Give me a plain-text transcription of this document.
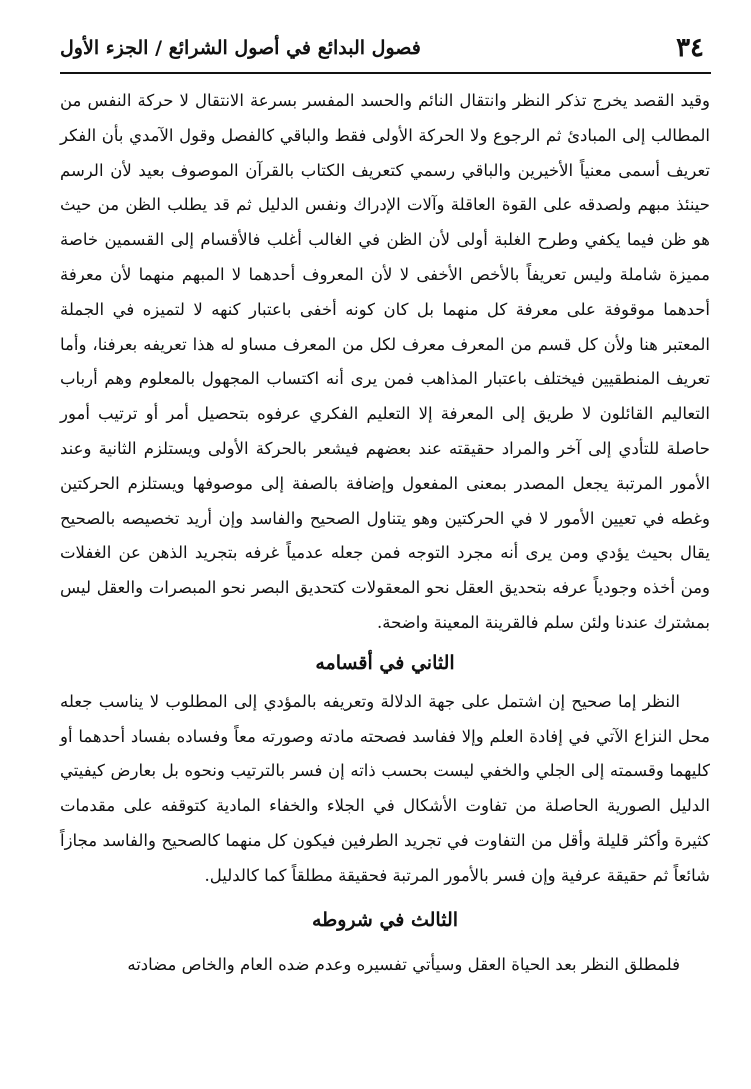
٣٤
فصول البدائع في أصول الشرائع / الجزء الأول

وقيد القصد يخرج تذكر النظر وانتقال النائم والحسد المفسر بسرعة الانتقال لا حركة النفس من المطالب إلى المبادئ ثم الرجوع ولا الحركة الأولى فقط والباقي كالفصل وقول الآمدي بأن الفكر تعريف أسمى معنياً الأخيرين والباقي رسمي كتعريف الكتاب بالقرآن الموصوف بعيد لأن الرسم حينئذ مبهم ولصدقه على القوة العاقلة وآلات الإدراك ونفس الدليل ثم قد يطلب الظن من حيث هو ظن فيما يكفي وطرح الغلبة أولى لأن الظن في الغالب أغلب فالأقسام إلى القسمين خاصة مميزة شاملة وليس تعريفاً بالأخص الأخفى لا لأن المعروف أحدهما لا المبهم منهما لأن معرفة أحدهما موقوفة على معرفة كل منهما بل كان كونه أخفى باعتبار كنهه لا لتميزه في الجملة المعتبر هنا ولأن كل قسم من المعرف معرف لكل من المعرف مساو له هذا تعريفه بعرفنا، وأما تعريف المنطقيين فيختلف باعتبار المذاهب فمن يرى أنه اكتساب المجهول بالمعلوم وهم أرباب التعاليم القائلون لا طريق إلى المعرفة إلا التعليم الفكري عرفوه بتحصيل أمر أو ترتيب أمور حاصلة للتأدي إلى آخر والمراد حقيقته عند بعضهم فيشعر بالحركة الأولى ويستلزم الثانية وعند الأمور المرتبة يجعل المصدر بمعنى المفعول وإضافة بالصفة إلى موصوفها ويستلزم الحركتين وغطه في تعيين الأمور لا في الحركتين وهو يتناول الصحيح والفاسد وإن أريد تخصيصه بالصحيح يقال بحيث يؤدي ومن يرى أنه مجرد التوجه فمن جعله عدمياً غرفه بتجريد الذهن عن الغفلات ومن أخذه وجودياً عرفه بتحديق العقل نحو المعقولات كتحديق البصر نحو المبصرات والعقل ليس بمشترك عندنا ولئن سلم فالقرينة المعينة واضحة.

الثاني في أقسامه

النظر إما صحيح إن اشتمل على جهة الدلالة وتعريفه بالمؤدي إلى المطلوب لا يناسب جعله محل النزاع الآتي في إفادة العلم وإلا ففاسد فصحته مادته وصورته معاً وفساده بفساد أحدهما أو كليهما وقسمته إلى الجلي والخفي ليست بحسب ذاته إن فسر بالترتيب ونحوه بل بعارض كيفيتي الدليل الصورية الحاصلة من تفاوت الأشكال في الجلاء والخفاء المادية كتوقفه على مقدمات كثيرة وأكثر قليلة وأقل من التفاوت في تجريد الطرفين فيكون كل منهما كالصحيح والفاسد مجازاً شائعاً ثم حقيقة عرفية وإن فسر بالأمور المرتبة فحقيقة مطلقاً كما كالدليل.

الثالث في شروطه

فلمطلق النظر بعد الحياة العقل وسيأتي تفسيره وعدم ضده العام والخاص مضادته
